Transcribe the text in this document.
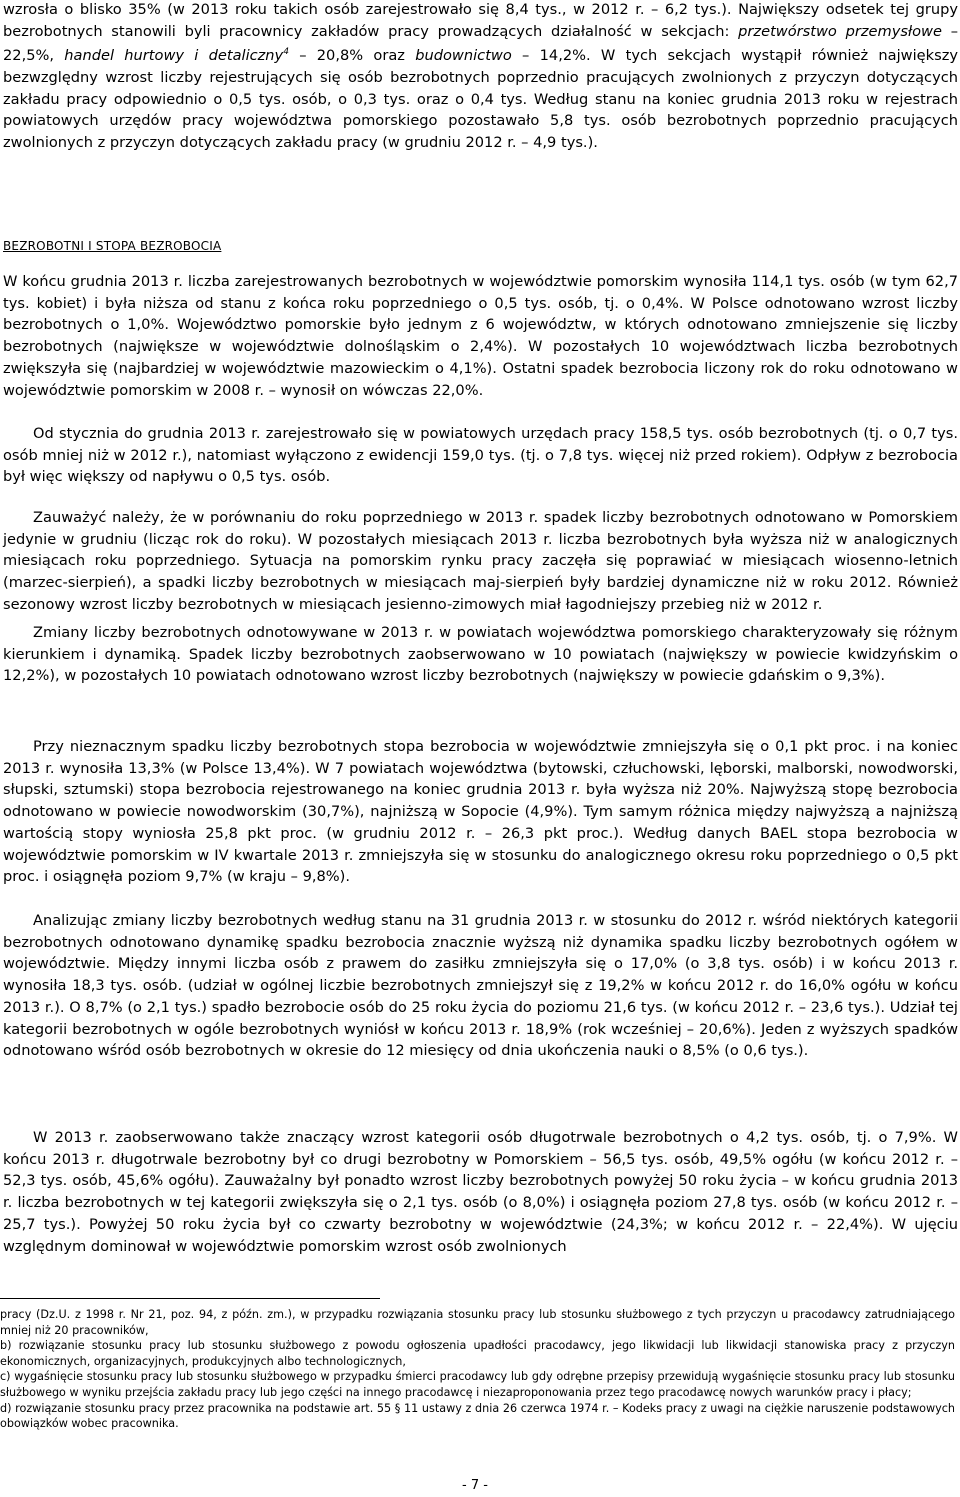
wzrosła o blisko 35% (w 2013 roku takich osób zarejestrowało się 8,4 tys., w 2012 r. – 6,2 tys.). Największy odsetek tej grupy bezrobotnych stanowili byli pracownicy zakładów pracy prowadzących działalność w sekcjach: przetwórstwo przemysłowe – 22,5%, handel hurtowy i detaliczny$^4$ – 20,8% oraz budownictwo – 14,2%. W tych sekcjach wystąpił również największy bezwzględny wzrost liczby rejestrujących się osób bezrobotnych poprzednio pracujących zwolnionych z przyczyn dotyczących zakładu pracy odpowiednio o 0,5 tys. osób, o 0,3 tys. oraz o 0,4 tys. Według stanu na koniec grudnia 2013 roku w rejestrach powiatowych urzędów pracy województwa pomorskiego pozostawało 5,8 tys. osób bezrobotnych poprzednio pracujących zwolnionych z przyczyn dotyczących zakładu pracy (w grudniu 2012 r. – 4,9 tys.).

BEZROBOTNI I STOPA BEZROBOCIA

W końcu grudnia 2013 r. liczba zarejestrowanych bezrobotnych w województwie pomorskim wynosiła 114,1 tys. osób (w tym 62,7 tys. kobiet) i była niższa od stanu z końca roku poprzedniego o 0,5 tys. osób, tj. o 0,4%. W Polsce odnotowano wzrost liczby bezrobotnych o 1,0%. Województwo pomorskie było jednym z 6 województw, w których odnotowano zmniejszenie się liczby bezrobotnych (największe w województwie dolnośląskim o 2,4%). W pozostałych 10 województwach liczba bezrobotnych zwiększyła się (najbardziej w województwie mazowieckim o 4,1%). Ostatni spadek bezrobocia liczony rok do roku odnotowano w województwie pomorskim w 2008 r. – wynosił on wówczas 22,0%.

Od stycznia do grudnia 2013 r. zarejestrowało się w powiatowych urzędach pracy 158,5 tys. osób bezrobotnych (tj. o 0,7 tys. osób mniej niż w 2012 r.), natomiast wyłączono z ewidencji 159,0 tys. (tj. o 7,8 tys. więcej niż przed rokiem). Odpływ z bezrobocia był więc większy od napływu o 0,5 tys. osób.

Zauważyć należy, że w porównaniu do roku poprzedniego w 2013 r. spadek liczby bezrobotnych odnotowano w Pomorskiem jedynie w grudniu (licząc rok do roku). W pozostałych miesiącach 2013 r. liczba bezrobotnych była wyższa niż w analogicznych miesiącach roku poprzedniego. Sytuacja na pomorskim rynku pracy zaczęła się poprawiać w miesiącach wiosenno-letnich (marzec-sierpień), a spadki liczby bezrobotnych w miesiącach maj-sierpień były bardziej dynamiczne niż w roku 2012. Również sezonowy wzrost liczby bezrobotnych w miesiącach jesienno-zimowych miał łagodniejszy przebieg niż w 2012 r.

Zmiany liczby bezrobotnych odnotowywane w 2013 r. w powiatach województwa pomorskiego charakteryzowały się różnym kierunkiem i dynamiką. Spadek liczby bezrobotnych zaobserwowano w 10 powiatach (największy w powiecie kwidzyńskim o 12,2%), w pozostałych 10 powiatach odnotowano wzrost liczby bezrobotnych (największy w powiecie gdańskim o 9,3%).

Przy nieznacznym spadku liczby bezrobotnych stopa bezrobocia w województwie zmniejszyła się o 0,1 pkt proc. i na koniec 2013 r. wynosiła 13,3% (w Polsce 13,4%). W 7 powiatach województwa (bytowski, człuchowski, lęborski, malborski, nowodworski, słupski, sztumski) stopa bezrobocia rejestrowanego na koniec grudnia 2013 r. była wyższa niż 20%. Najwyższą stopę bezrobocia odnotowano w powiecie nowodworskim (30,7%), najniższą w Sopocie (4,9%). Tym samym różnica między najwyższą a najniższą wartością stopy wyniosła 25,8 pkt proc. (w grudniu 2012 r. – 26,3 pkt proc.). Według danych BAEL stopa bezrobocia w województwie pomorskim w IV kwartale 2013 r. zmniejszyła się w stosunku do analogicznego okresu roku poprzedniego o 0,5 pkt proc. i osiągnęła poziom 9,7% (w kraju – 9,8%).

Analizując zmiany liczby bezrobotnych według stanu na 31 grudnia 2013 r. w stosunku do 2012 r. wśród niektórych kategorii bezrobotnych odnotowano dynamikę spadku bezrobocia znacznie wyższą niż dynamika spadku liczby bezrobotnych ogółem w województwie. Między innymi liczba osób z prawem do zasiłku zmniejszyła się o 17,0% (o 3,8 tys. osób) i w końcu 2013 r. wynosiła 18,3 tys. osób. (udział w ogólnej liczbie bezrobotnych zmniejszył się z 19,2% w końcu 2012 r. do 16,0% ogółu w końcu 2013 r.). O 8,7% (o 2,1 tys.) spadło bezrobocie osób do 25 roku życia do poziomu 21,6 tys. (w końcu 2012 r. – 23,6 tys.). Udział tej kategorii bezrobotnych w ogóle bezrobotnych wyniósł w końcu 2013 r. 18,9% (rok wcześniej – 20,6%). Jeden z wyższych spadków odnotowano wśród osób bezrobotnych w okresie do 12 miesięcy od dnia ukończenia nauki o 8,5% (o 0,6 tys.).

W 2013 r. zaobserwowano także znaczący wzrost kategorii osób długotrwale bezrobotnych o 4,2 tys. osób, tj. o 7,9%. W końcu 2013 r. długotrwale bezrobotny był co drugi bezrobotny w Pomorskiem – 56,5 tys. osób, 49,5% ogółu (w końcu 2012 r. – 52,3 tys. osób, 45,6% ogółu). Zauważalny był ponadto wzrost liczby bezrobotnych powyżej 50 roku życia – w końcu grudnia 2013 r. liczba bezrobotnych w tej kategorii zwiększyła się o 2,1 tys. osób (o 8,0%) i osiągnęła poziom 27,8 tys. osób (w końcu 2012 r. – 25,7 tys.). Powyżej 50 roku życia był co czwarty bezrobotny w województwie (24,3%; w końcu 2012 r. – 22,4%). W ujęciu względnym dominował w województwie pomorskim wzrost osób zwolnionych

pracy (Dz.U. z 1998 r. Nr 21, poz. 94, z późn. zm.), w przypadku rozwiązania stosunku pracy lub stosunku służbowego z tych przyczyn u pracodawcy zatrudniającego mniej niż 20 pracowników,

b) rozwiązanie stosunku pracy lub stosunku służbowego z powodu ogłoszenia upadłości pracodawcy, jego likwidacji lub likwidacji stanowiska pracy z przyczyn ekonomicznych, organizacyjnych, produkcyjnych albo technologicznych,

c) wygaśnięcie stosunku pracy lub stosunku służbowego w przypadku śmierci pracodawcy lub gdy odrębne przepisy przewidują wygaśnięcie stosunku pracy lub stosunku służbowego w wyniku przejścia zakładu pracy lub jego części na innego pracodawcę i niezaproponowania przez tego pracodawcę nowych warunków pracy i płacy;

d) rozwiązanie stosunku pracy przez pracownika na podstawie art. 55 § 11 ustawy z dnia 26 czerwca 1974 r. – Kodeks pracy z uwagi na ciężkie naruszenie podstawowych obowiązków wobec pracownika.

- 7 -
